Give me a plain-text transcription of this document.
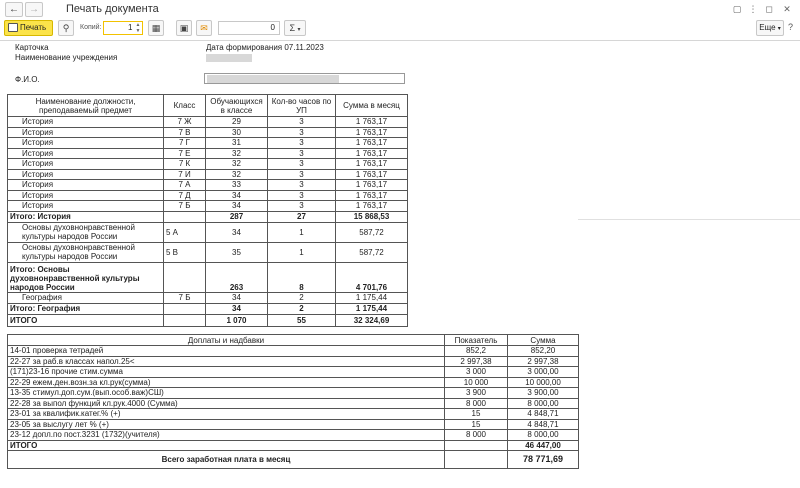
←	→	Печать документа	▢ ⋮ ◻ ✕
Печать	⚲	Копий:	1 ▲
▼	▦	▣	✉	0	Σ ▾	Еще ▾ ?
Карточка
Наименование учреждения
Дата формирования 07.11.2023
Ф.И.О.
Наименование должности, преподаваемый предмет	Класс	Обучающихся в классе	Кол-во часов по УП	Сумма в месяц
История	7 Ж	29	3	1 763,17
История	7 В	30	3	1 763,17
История	7 Г	31	3	1 763,17
История	7 Е	32	3	1 763,17
История	7 К	32	3	1 763,17
История	7 И	32	3	1 763,17
История	7 А	33	3	1 763,17
История	7 Д	34	3	1 763,17
История	7 Б	34	3	1 763,17
Итого: История		287	27	15 868,53
Основы духовнонравственной культуры народов России	5 А	34	1	587,72
Основы духовнонравственной культуры народов России	5 В	35	1	587,72
Итого: Основы духовнонравственной культуры народов России		263	8	4 701,76
География	7 Б	34	2	1 175,44
Итого: География		34	2	1 175,44
ИТОГО		1 070	55	32 324,69
Доплаты и надбавки	Показатель	Сумма
14-01 проверка тетрадей	852,2	852,20
22-27 за раб.в классах напол.25<	2 997,38	2 997,38
(171)23-16 прочие стим.сумма	3 000	3 000,00
22-29 ежем.ден.возн.за кл.рук(сумма)	10 000	10 000,00
13-35 стимул.доп.сум.(вып.особ.важ)СШ)	3 900	3 900,00
22-28 за выпол функций кл.рук.4000 (Сумма)	8 000	8 000,00
23-01 за квалифик.катег.% (+)	15	4 848,71
23-05 за выслугу лет % (+)	15	4 848,71
23-12 допл.по пост.3231 (1732)(учителя)	8 000	8 000,00
ИТОГО		46 447,00
Всего заработная плата в месяц		78 771,69
